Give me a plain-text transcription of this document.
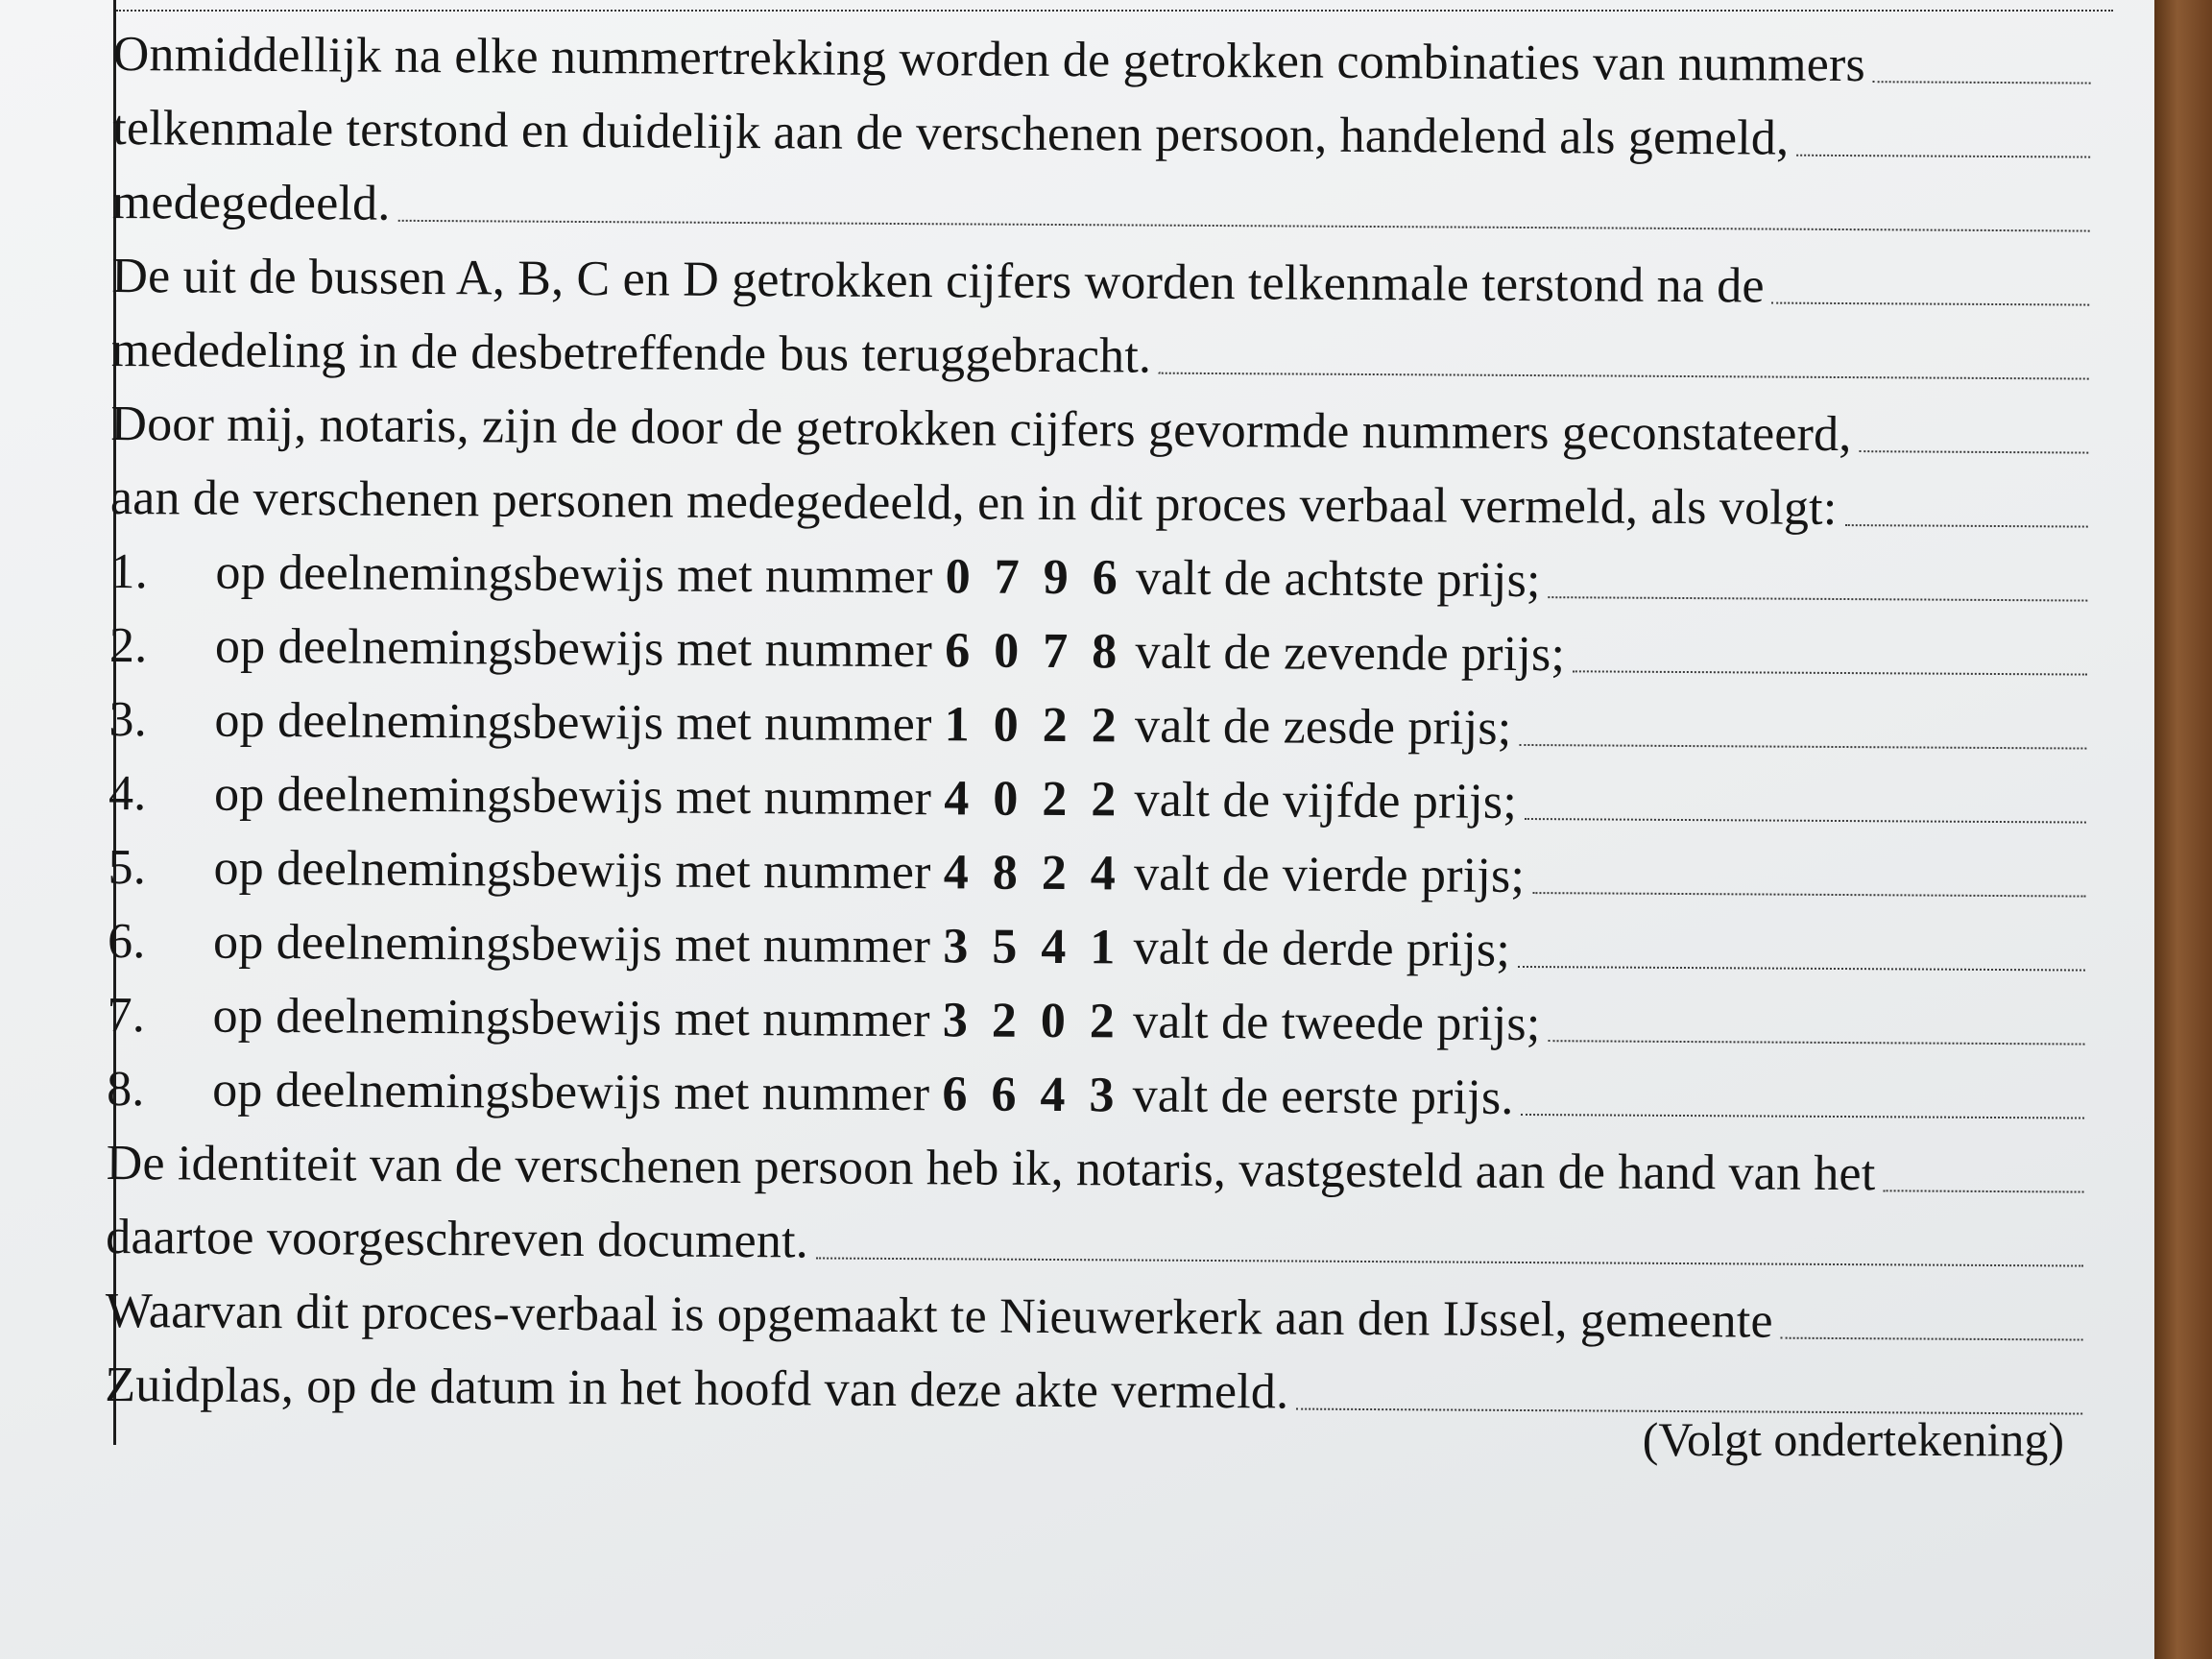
Onmiddellijk na elke nummertrekking worden de getrokken combinaties van nummers
telkenmale terstond en duidelijk aan de verschenen persoon, handelend als gemeld,
medegedeeld.
De uit de bussen A, B, C en D getrokken cijfers worden telkenmale terstond na de
mededeling in de desbetreffende bus teruggebracht.
Door mij, notaris, zijn de door de getrokken cijfers gevormde nummers geconstateerd,
aan de verschenen personen medegedeeld, en in dit proces verbaal vermeld, als volgt:
1.	op deelnemingsbewijs met nummer
0 7 9 6
valt de achtste prijs;
2.	op deelnemingsbewijs met nummer
6 0 7 8
valt de zevende prijs;
3.	op deelnemingsbewijs met nummer
1 0 2 2
valt de zesde prijs;
4.	op deelnemingsbewijs met nummer
4 0 2 2
valt de vijfde prijs;
5.	op deelnemingsbewijs met nummer
4 8 2 4
valt de vierde prijs;
6.	op deelnemingsbewijs met nummer
3 5 4 1
valt de derde prijs;
7.	op deelnemingsbewijs met nummer
3 2 0 2
valt de tweede prijs;
8.	op deelnemingsbewijs met nummer
6 6 4 3
valt de eerste prijs.
De identiteit van de verschenen persoon heb ik, notaris, vastgesteld aan de hand van het
daartoe voorgeschreven document.
Waarvan dit proces-verbaal is opgemaakt te Nieuwerkerk aan den IJssel, gemeente
Zuidplas, op de datum in het hoofd van deze akte vermeld.
(Volgt ondertekening)
